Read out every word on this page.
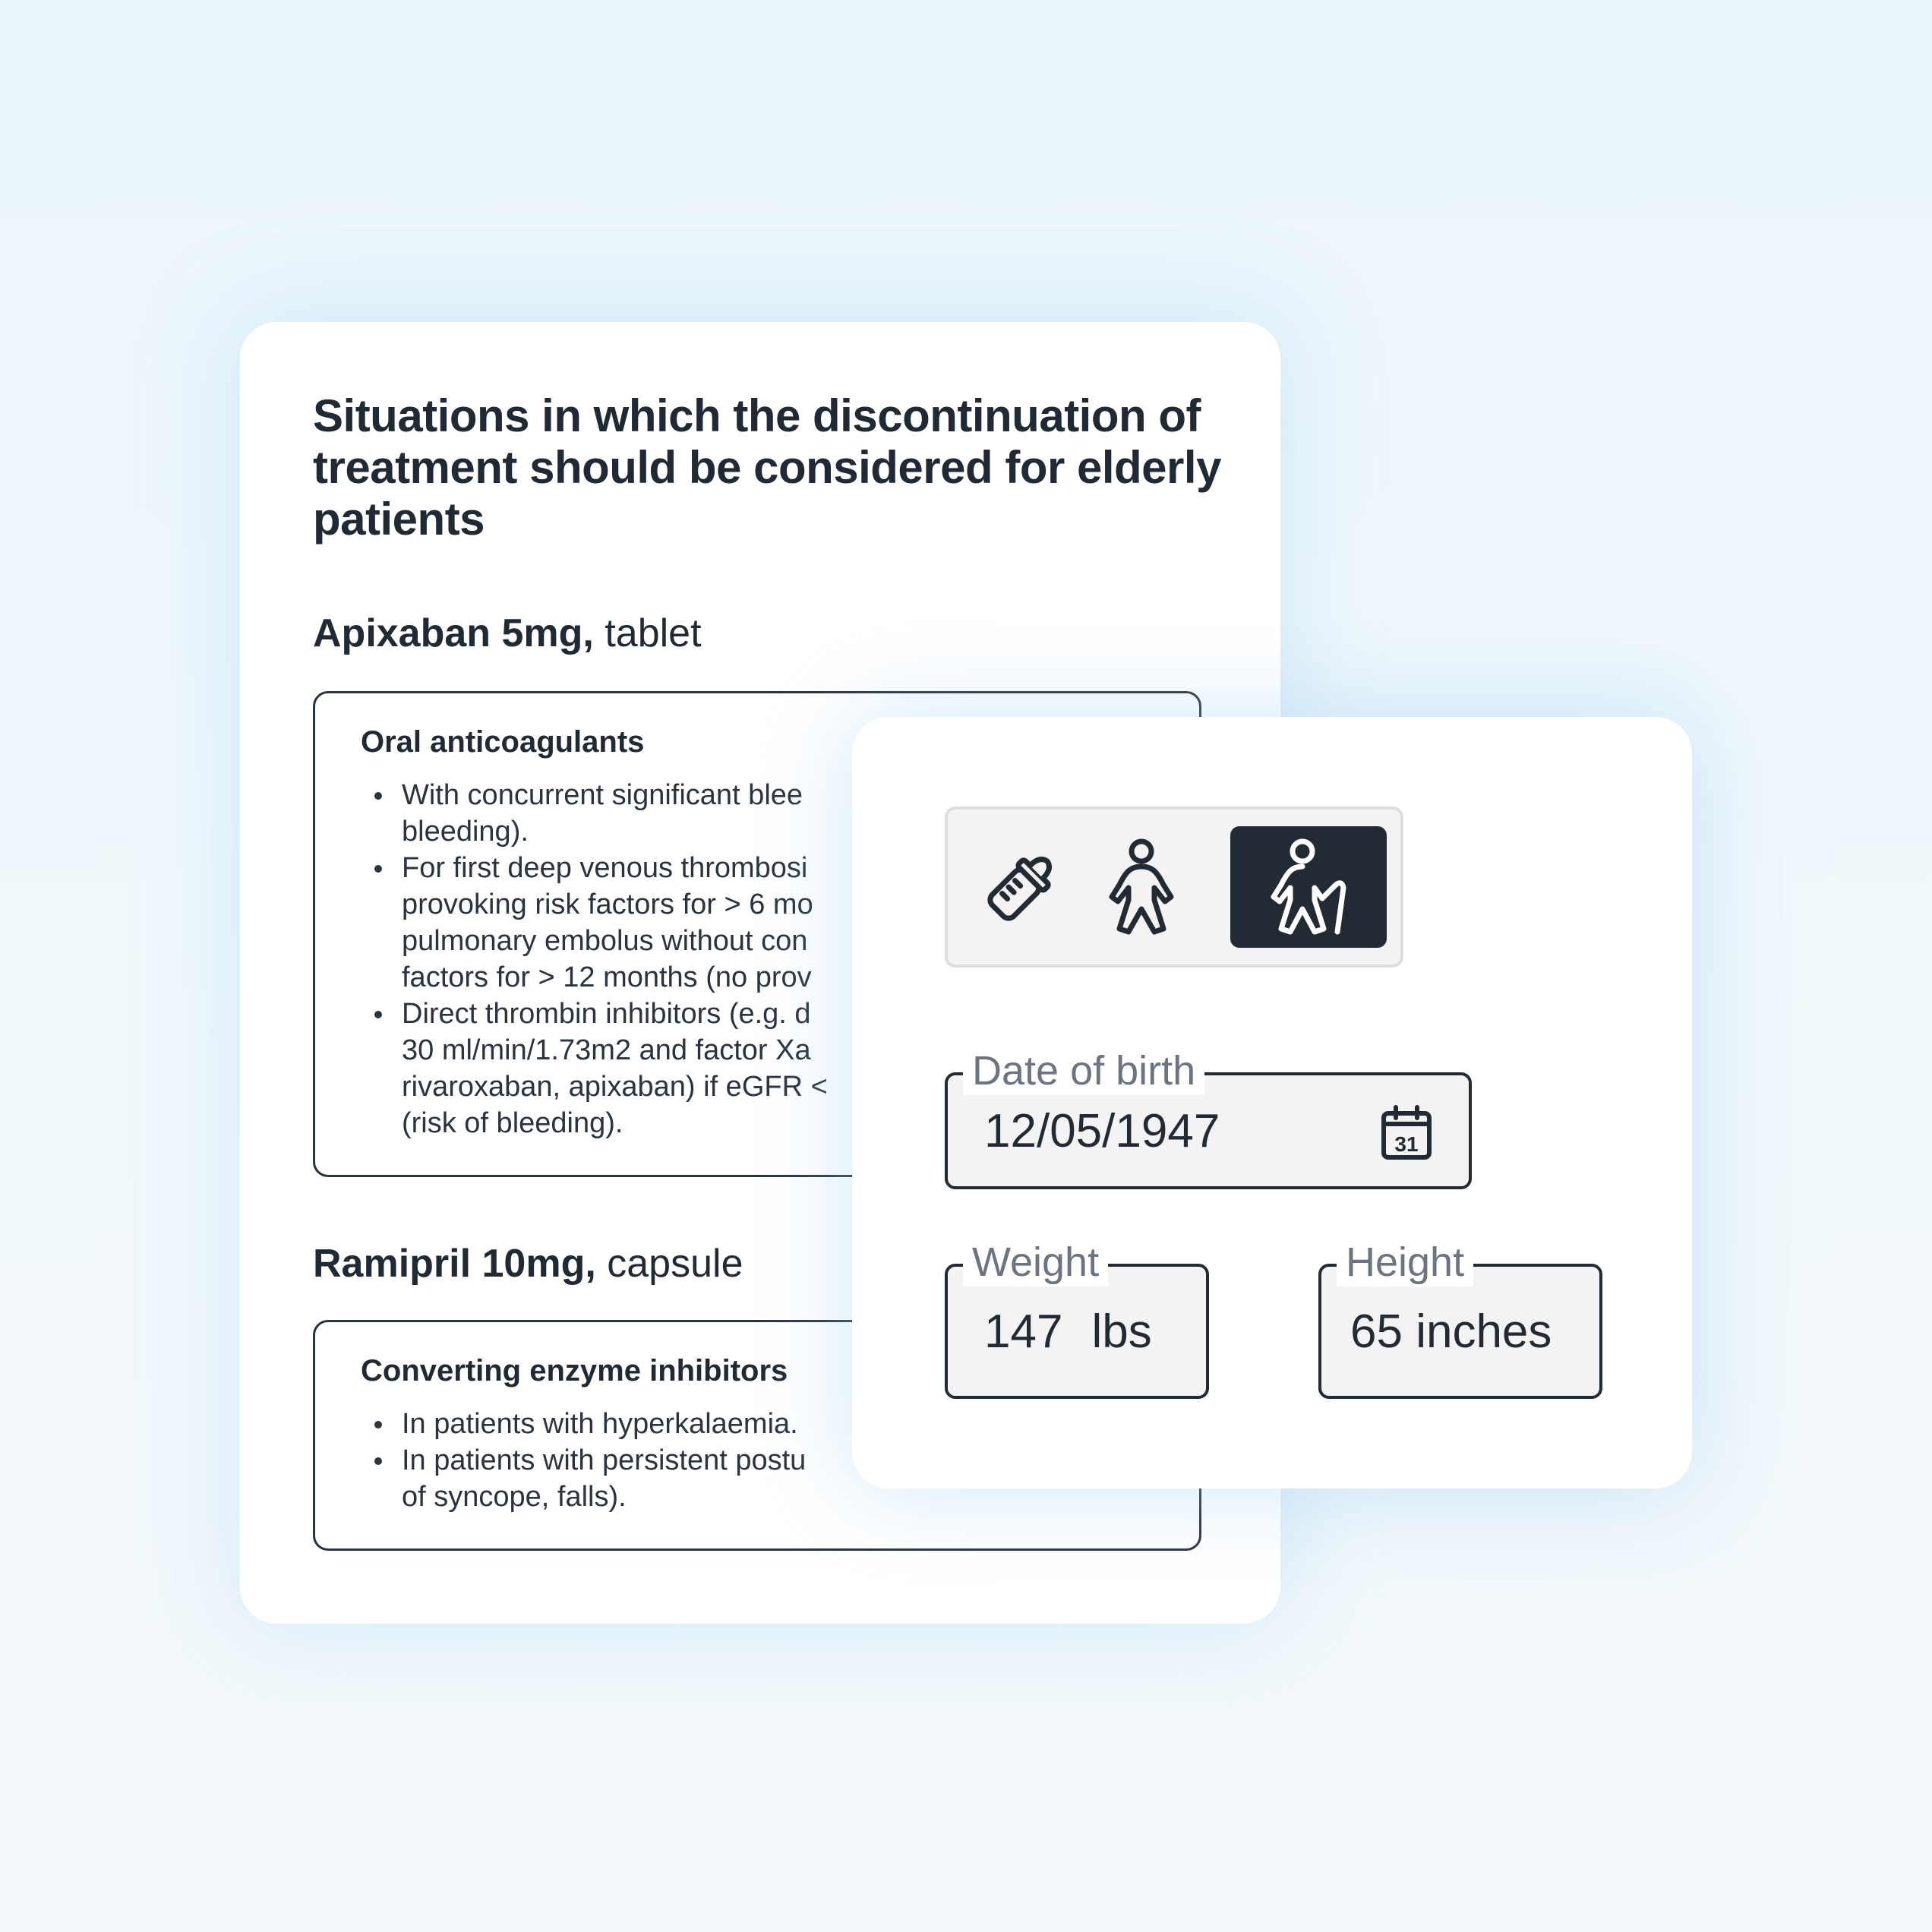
Situations in which the discontinuation of treatment should be considered for elderly patients

Apixaban 5mg, tablet

Oral anticoagulants

With concurrent significant blee
bleeding).
For first deep venous thrombosi
provoking risk factors for > 6 mo
pulmonary embolus without con
factors for > 12 months (no prov
Direct thrombin inhibitors (e.g. d
30 ml/min/1.73m2 and factor Xa
rivaroxaban, apixaban) if eGFR <
(risk of bleeding).

Ramipril 10mg, capsule

Converting enzyme inhibitors

In patients with hyperkalaemia.
In patients with persistent postu
of syncope, falls).
Date of birth
12/05/1947	31
Weight
147 lbs
Height
65 inches
